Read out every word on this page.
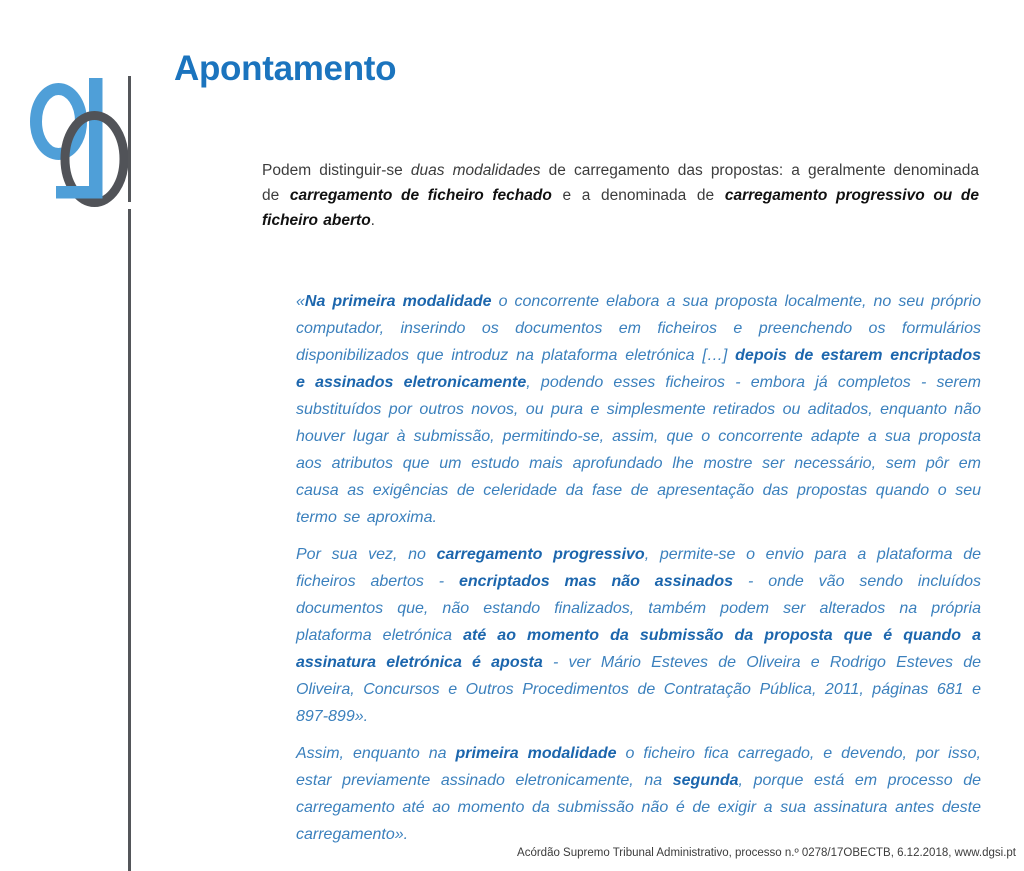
Apontamento

Podem distinguir-se duas modalidades de carregamento das propostas: a geralmente denominada de carregamento de ficheiro fechado e a denominada de carregamento progressivo ou de ficheiro aberto.

«Na primeira modalidade o concorrente elabora a sua proposta localmente, no seu próprio computador, inserindo os documentos em ficheiros e preenchendo os formulários disponibilizados que introduz na plataforma eletrónica […] depois de estarem encriptados e assinados eletronicamente, podendo esses ficheiros - embora já completos - serem substituídos por outros novos, ou pura e simplesmente retirados ou aditados, enquanto não houver lugar à submissão, permitindo-se, assim, que o concorrente adapte a sua proposta aos atributos que um estudo mais aprofundado lhe mostre ser necessário, sem pôr em causa as exigências de celeridade da fase de apresentação das propostas quando o seu termo se aproxima.

Por sua vez, no carregamento progressivo, permite-se o envio para a plataforma de ficheiros abertos - encriptados mas não assinados - onde vão sendo incluídos documentos que, não estando finalizados, também podem ser alterados na própria plataforma eletrónica até ao momento da submissão da proposta que é quando a assinatura eletrónica é aposta - ver Mário Esteves de Oliveira e Rodrigo Esteves de Oliveira, Concursos e Outros Procedimentos de Contratação Pública, 2011, páginas 681 e 897-899».

Assim, enquanto na primeira modalidade o ficheiro fica carregado, e devendo, por isso, estar previamente assinado eletronicamente, na segunda, porque está em processo de carregamento até ao momento da submissão não é de exigir a sua assinatura antes deste carregamento».

Acórdão Supremo Tribunal Administrativo, processo n.º 0278/17OBECTB, 6.12.2018, www.dgsi.pt
